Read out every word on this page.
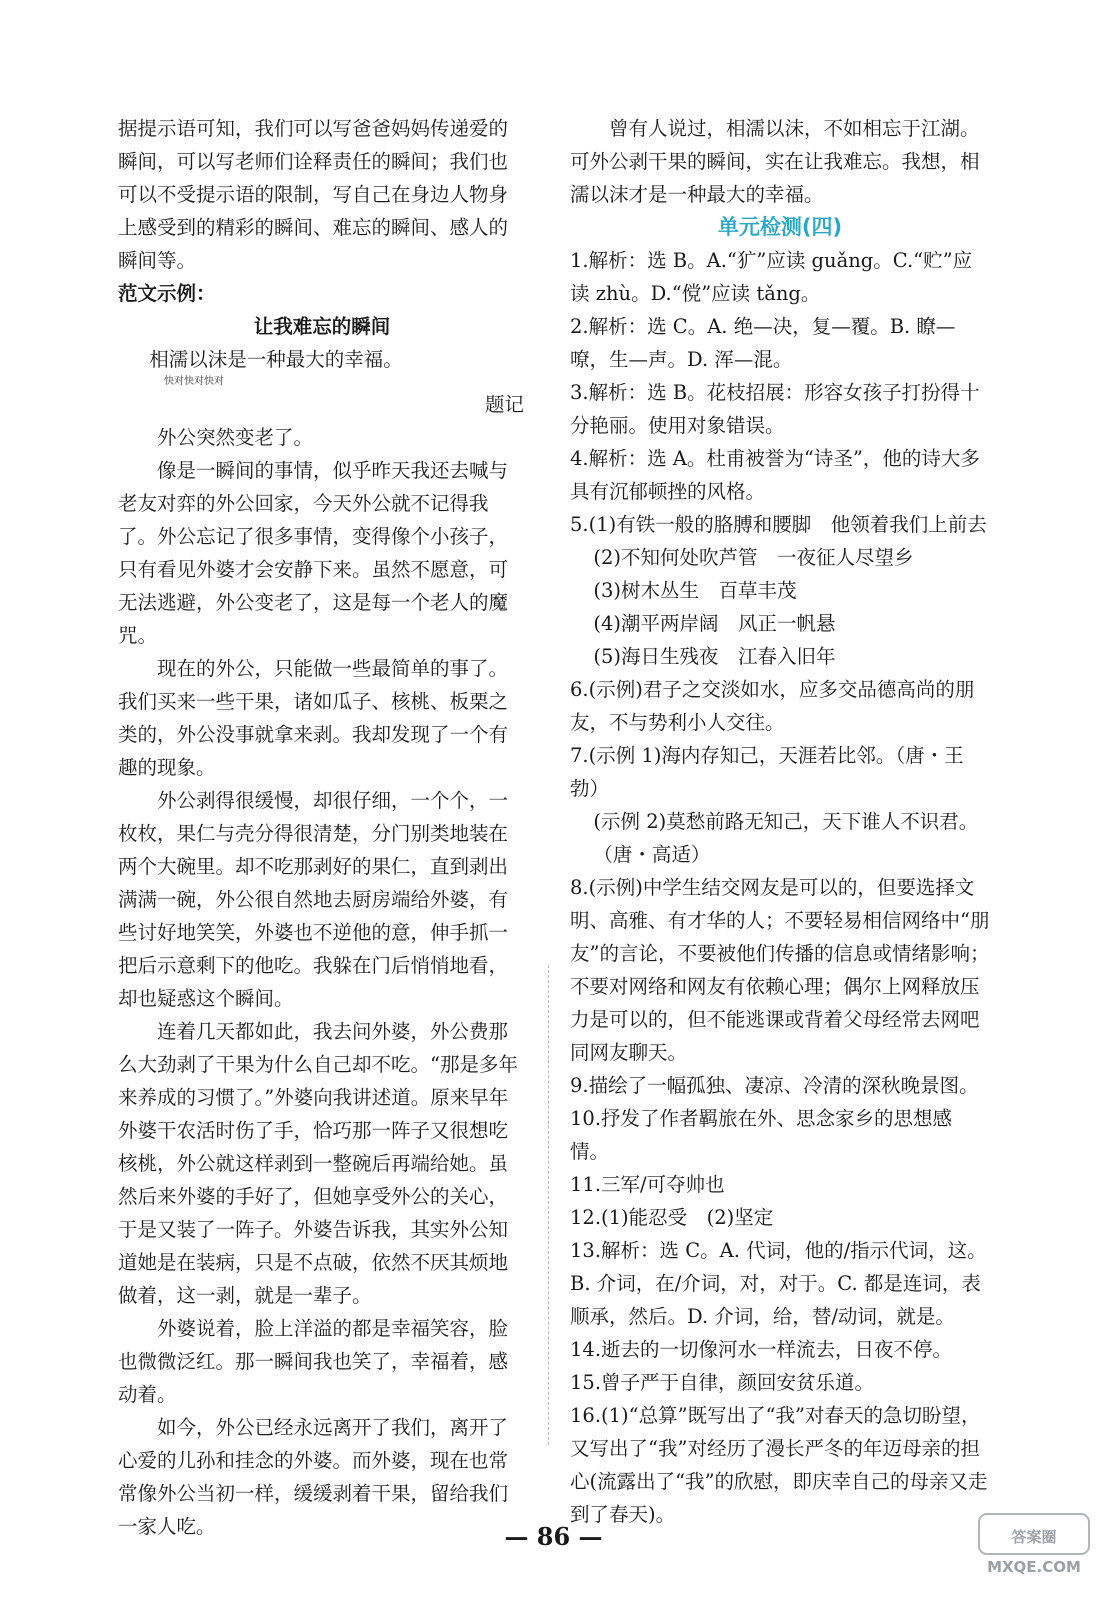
据提示语可知，我们可以写爸爸妈妈传递爱的瞬间，可以写老师们诠释责任的瞬间；我们也可以不受提示语的限制，写自己在身边人物身上感受到的精彩的瞬间、难忘的瞬间、感人的瞬间等。

范文示例：

让我难忘的瞬间

相濡以沫是一种最大的幸福。

快对快对快对

题记

外公突然变老了。

像是一瞬间的事情，似乎昨天我还去喊与老友对弈的外公回家，今天外公就不记得我了。外公忘记了很多事情，变得像个小孩子，只有看见外婆才会安静下来。虽然不愿意，可无法逃避，外公变老了，这是每一个老人的魔咒。

现在的外公，只能做一些最简单的事了。我们买来一些干果，诸如瓜子、核桃、板栗之类的，外公没事就拿来剥。我却发现了一个有趣的现象。

外公剥得很缓慢，却很仔细，一个个，一枚枚，果仁与壳分得很清楚，分门别类地装在两个大碗里。却不吃那剥好的果仁，直到剥出满满一碗，外公很自然地去厨房端给外婆，有些讨好地笑笑，外婆也不逆他的意，伸手抓一把后示意剩下的他吃。我躲在门后悄悄地看，却也疑惑这个瞬间。

连着几天都如此，我去问外婆，外公费那么大劲剥了干果为什么自己却不吃。“那是多年来养成的习惯了。”外婆向我讲述道。原来早年外婆干农活时伤了手，恰巧那一阵子又很想吃核桃，外公就这样剥到一整碗后再端给她。虽然后来外婆的手好了，但她享受外公的关心，于是又装了一阵子。外婆告诉我，其实外公知道她是在装病，只是不点破，依然不厌其烦地做着，这一剥，就是一辈子。

外婆说着，脸上洋溢的都是幸福笑容，脸也微微泛红。那一瞬间我也笑了，幸福着，感动着。

如今，外公已经永远离开了我们，离开了心爱的儿孙和挂念的外婆。而外婆，现在也常常像外公当初一样，缓缓剥着干果，留给我们一家人吃。

曾有人说过，相濡以沫，不如相忘于江湖。可外公剥干果的瞬间，实在让我难忘。我想，相濡以沫才是一种最大的幸福。

单元检测(四)

1.解析：选 B。A.“犷”应读 guǎng。C.“贮”应读 zhù。D.“傥”应读 tǎng。

2.解析：选 C。A. 绝—决，复—覆。B. 瞭—嘹，生—声。D. 浑—混。

3.解析：选 B。花枝招展：形容女孩子打扮得十分艳丽。使用对象错误。

4.解析：选 A。杜甫被誉为“诗圣”，他的诗大多具有沉郁顿挫的风格。

5.(1)有铁一般的胳膊和腰脚　他领着我们上前去

(2)不知何处吹芦管　一夜征人尽望乡

(3)树木丛生　百草丰茂

(4)潮平两岸阔　风正一帆悬

(5)海日生残夜　江春入旧年

6.(示例)君子之交淡如水，应多交品德高尚的朋友，不与势利小人交往。

7.(示例 1)海内存知己，天涯若比邻。（唐・王勃）

(示例 2)莫愁前路无知己，天下谁人不识君。（唐・高适）

8.(示例)中学生结交网友是可以的，但要选择文明、高雅、有才华的人；不要轻易相信网络中“朋友”的言论，不要被他们传播的信息或情绪影响；不要对网络和网友有依赖心理；偶尔上网释放压力是可以的，但不能逃课或背着父母经常去网吧同网友聊天。

9.描绘了一幅孤独、凄凉、冷清的深秋晚景图。

10.抒发了作者羁旅在外、思念家乡的思想感情。

11.三军/可夺帅也

12.(1)能忍受　(2)坚定

13.解析：选 C。A. 代词，他的/指示代词，这。B. 介词，在/介词，对，对于。C. 都是连词，表顺承，然后。D. 介词，给，替/动词，就是。

14.逝去的一切像河水一样流去，日夜不停。

15.曾子严于自律，颜回安贫乐道。

16.(1)“总算”既写出了“我”对春天的急切盼望，又写出了“我”对经历了漫长严冬的年迈母亲的担心(流露出了“我”的欣慰，即庆幸自己的母亲又走到了春天)。

— 86 —	答案圈
MXQE.COM
